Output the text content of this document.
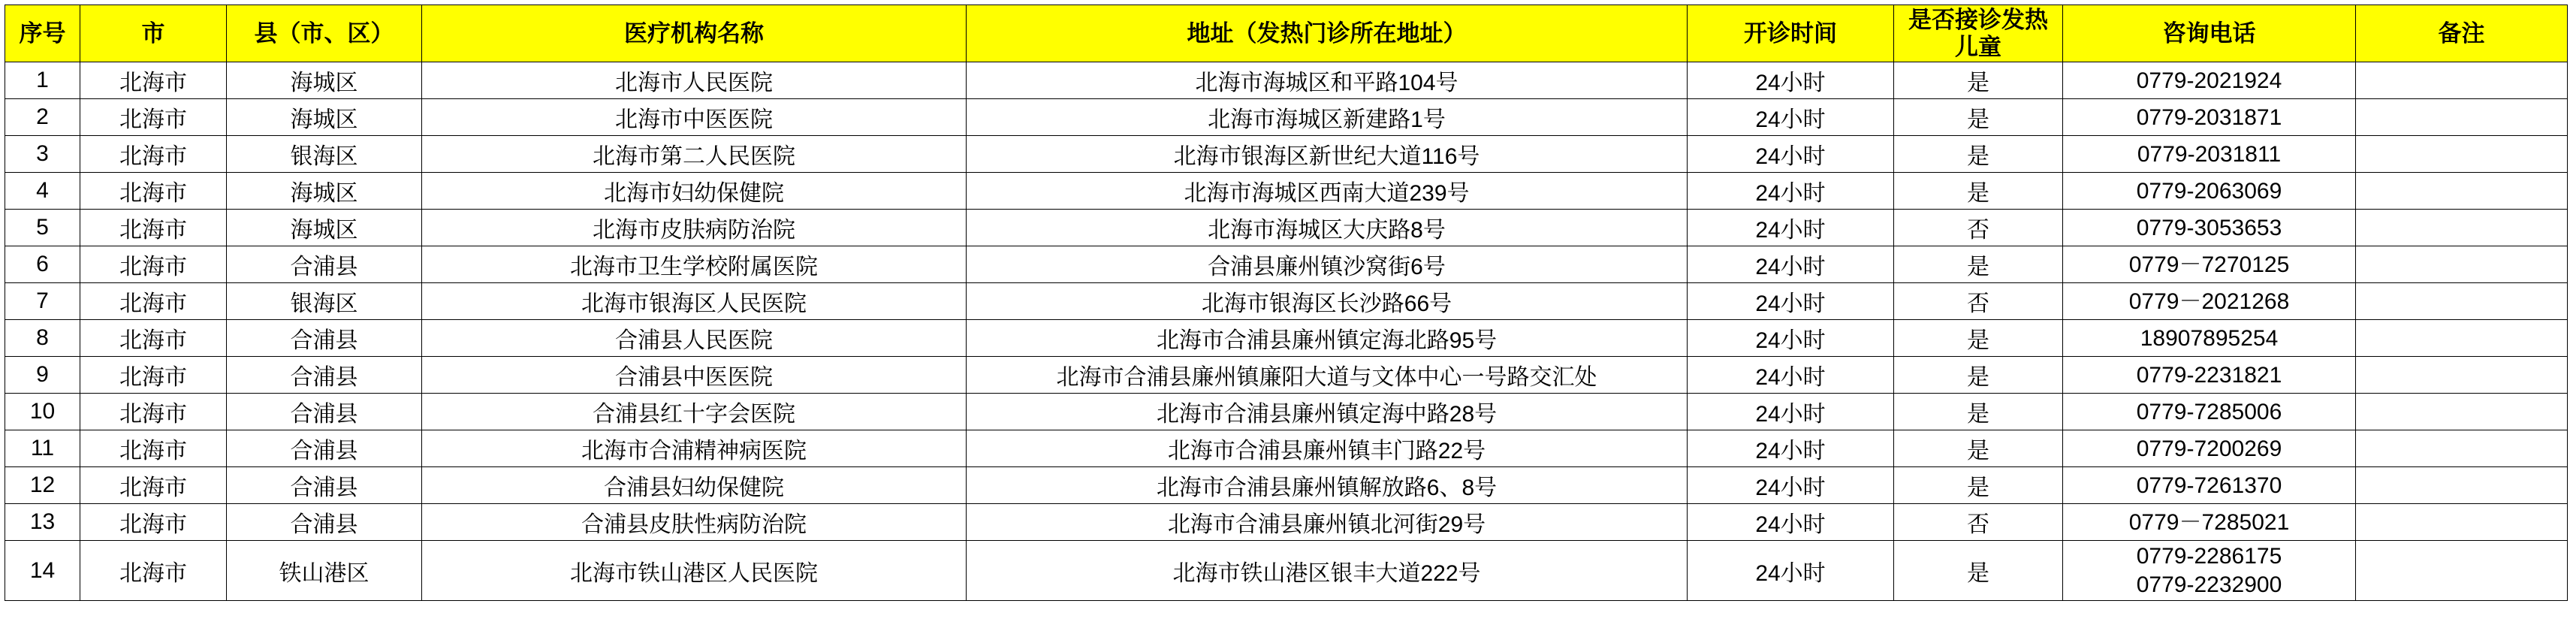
序号	市	县（市、区）	医疗机构名称	地址（发热门诊所在地址）	开诊时间	是否接诊发热儿童	咨询电话	备注
1	北海市	海城区	北海市人民医院	北海市海城区和平路104号	24小时	是	0779-2021924	

2	北海市	海城区	北海市中医医院	北海市海城区新建路1号	24小时	是	0779-2031871	

3	北海市	银海区	北海市第二人民医院	北海市银海区新世纪大道116号	24小时	是	0779-2031811	

4	北海市	海城区	北海市妇幼保健院	北海市海城区西南大道239号	24小时	是	0779-2063069	

5	北海市	海城区	北海市皮肤病防治院	北海市海城区大庆路8号	24小时	否	0779-3053653	

6	北海市	合浦县	北海市卫生学校附属医院	合浦县廉州镇沙窝街6号	24小时	是	0779－7270125	

7	北海市	银海区	北海市银海区人民医院	北海市银海区长沙路66号	24小时	否	0779－2021268	

8	北海市	合浦县	合浦县人民医院	北海市合浦县廉州镇定海北路95号	24小时	是	18907895254	

9	北海市	合浦县	合浦县中医医院	北海市合浦县廉州镇廉阳大道与文体中心一号路交汇处	24小时	是	0779-2231821	

10	北海市	合浦县	合浦县红十字会医院	北海市合浦县廉州镇定海中路28号	24小时	是	0779-7285006	

11	北海市	合浦县	北海市合浦精神病医院	北海市合浦县廉州镇丰门路22号	24小时	是	0779-7200269	

12	北海市	合浦县	合浦县妇幼保健院	北海市合浦县廉州镇解放路6、8号	24小时	是	0779-7261370	

13	北海市	合浦县	合浦县皮肤性病防治院	北海市合浦县廉州镇北河街29号	24小时	否	0779－7285021	

14	北海市	铁山港区	北海市铁山港区人民医院	北海市铁山港区银丰大道222号	24小时	是	0779-2286175
0779-2232900	
